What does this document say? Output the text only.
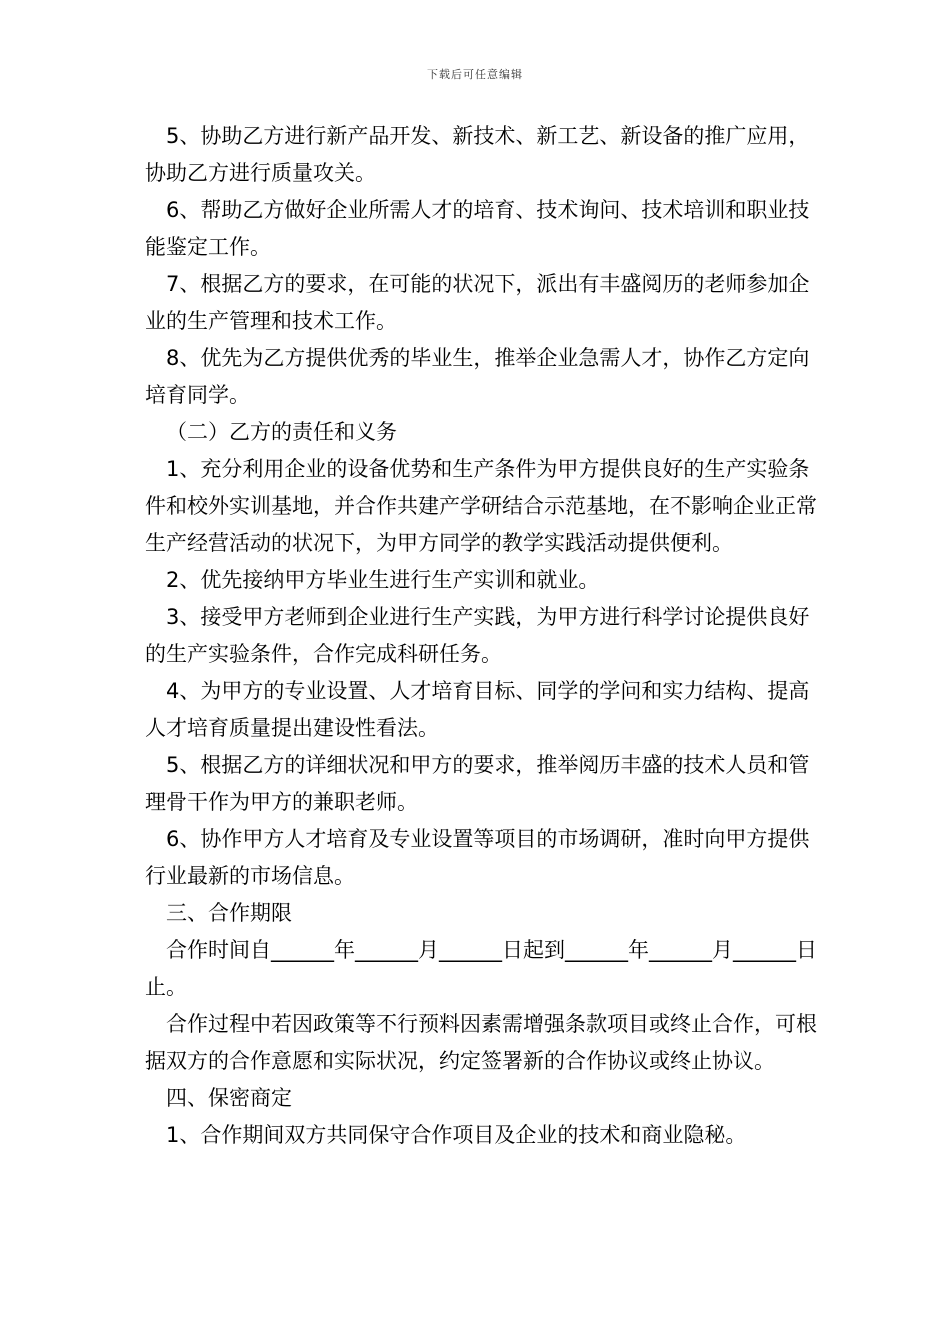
下载后可任意编辑

5、协助乙方进行新产品开发、新技术、新工艺、新设备的推广应用，协助乙方进行质量攻关。

6、帮助乙方做好企业所需人才的培育、技术询问、技术培训和职业技能鉴定工作。

7、根据乙方的要求，在可能的状况下，派出有丰盛阅历的老师参加企业的生产管理和技术工作。

8、优先为乙方提供优秀的毕业生，推举企业急需人才，协作乙方定向培育同学。

（二）乙方的责任和义务

1、充分利用企业的设备优势和生产条件为甲方提供良好的生产实验条件和校外实训基地，并合作共建产学研结合示范基地，在不影响企业正常生产经营活动的状况下，为甲方同学的教学实践活动提供便利。

2、优先接纳甲方毕业生进行生产实训和就业。

3、接受甲方老师到企业进行生产实践，为甲方进行科学讨论提供良好的生产实验条件，合作完成科研任务。

4、为甲方的专业设置、人才培育目标、同学的学问和实力结构、提高人才培育质量提出建设性看法。

5、根据乙方的详细状况和甲方的要求，推举阅历丰盛的技术人员和管理骨干作为甲方的兼职老师。

6、协作甲方人才培育及专业设置等项目的市场调研，准时向甲方提供行业最新的市场信息。

三、合作期限

合作时间自______年______月______日起到______年______月______日止。

合作过程中若因政策等不行预料因素需增强条款项目或终止合作，可根据双方的合作意愿和实际状况，约定签署新的合作协议或终止协议。

四、保密商定

1、合作期间双方共同保守合作项目及企业的技术和商业隐秘。
